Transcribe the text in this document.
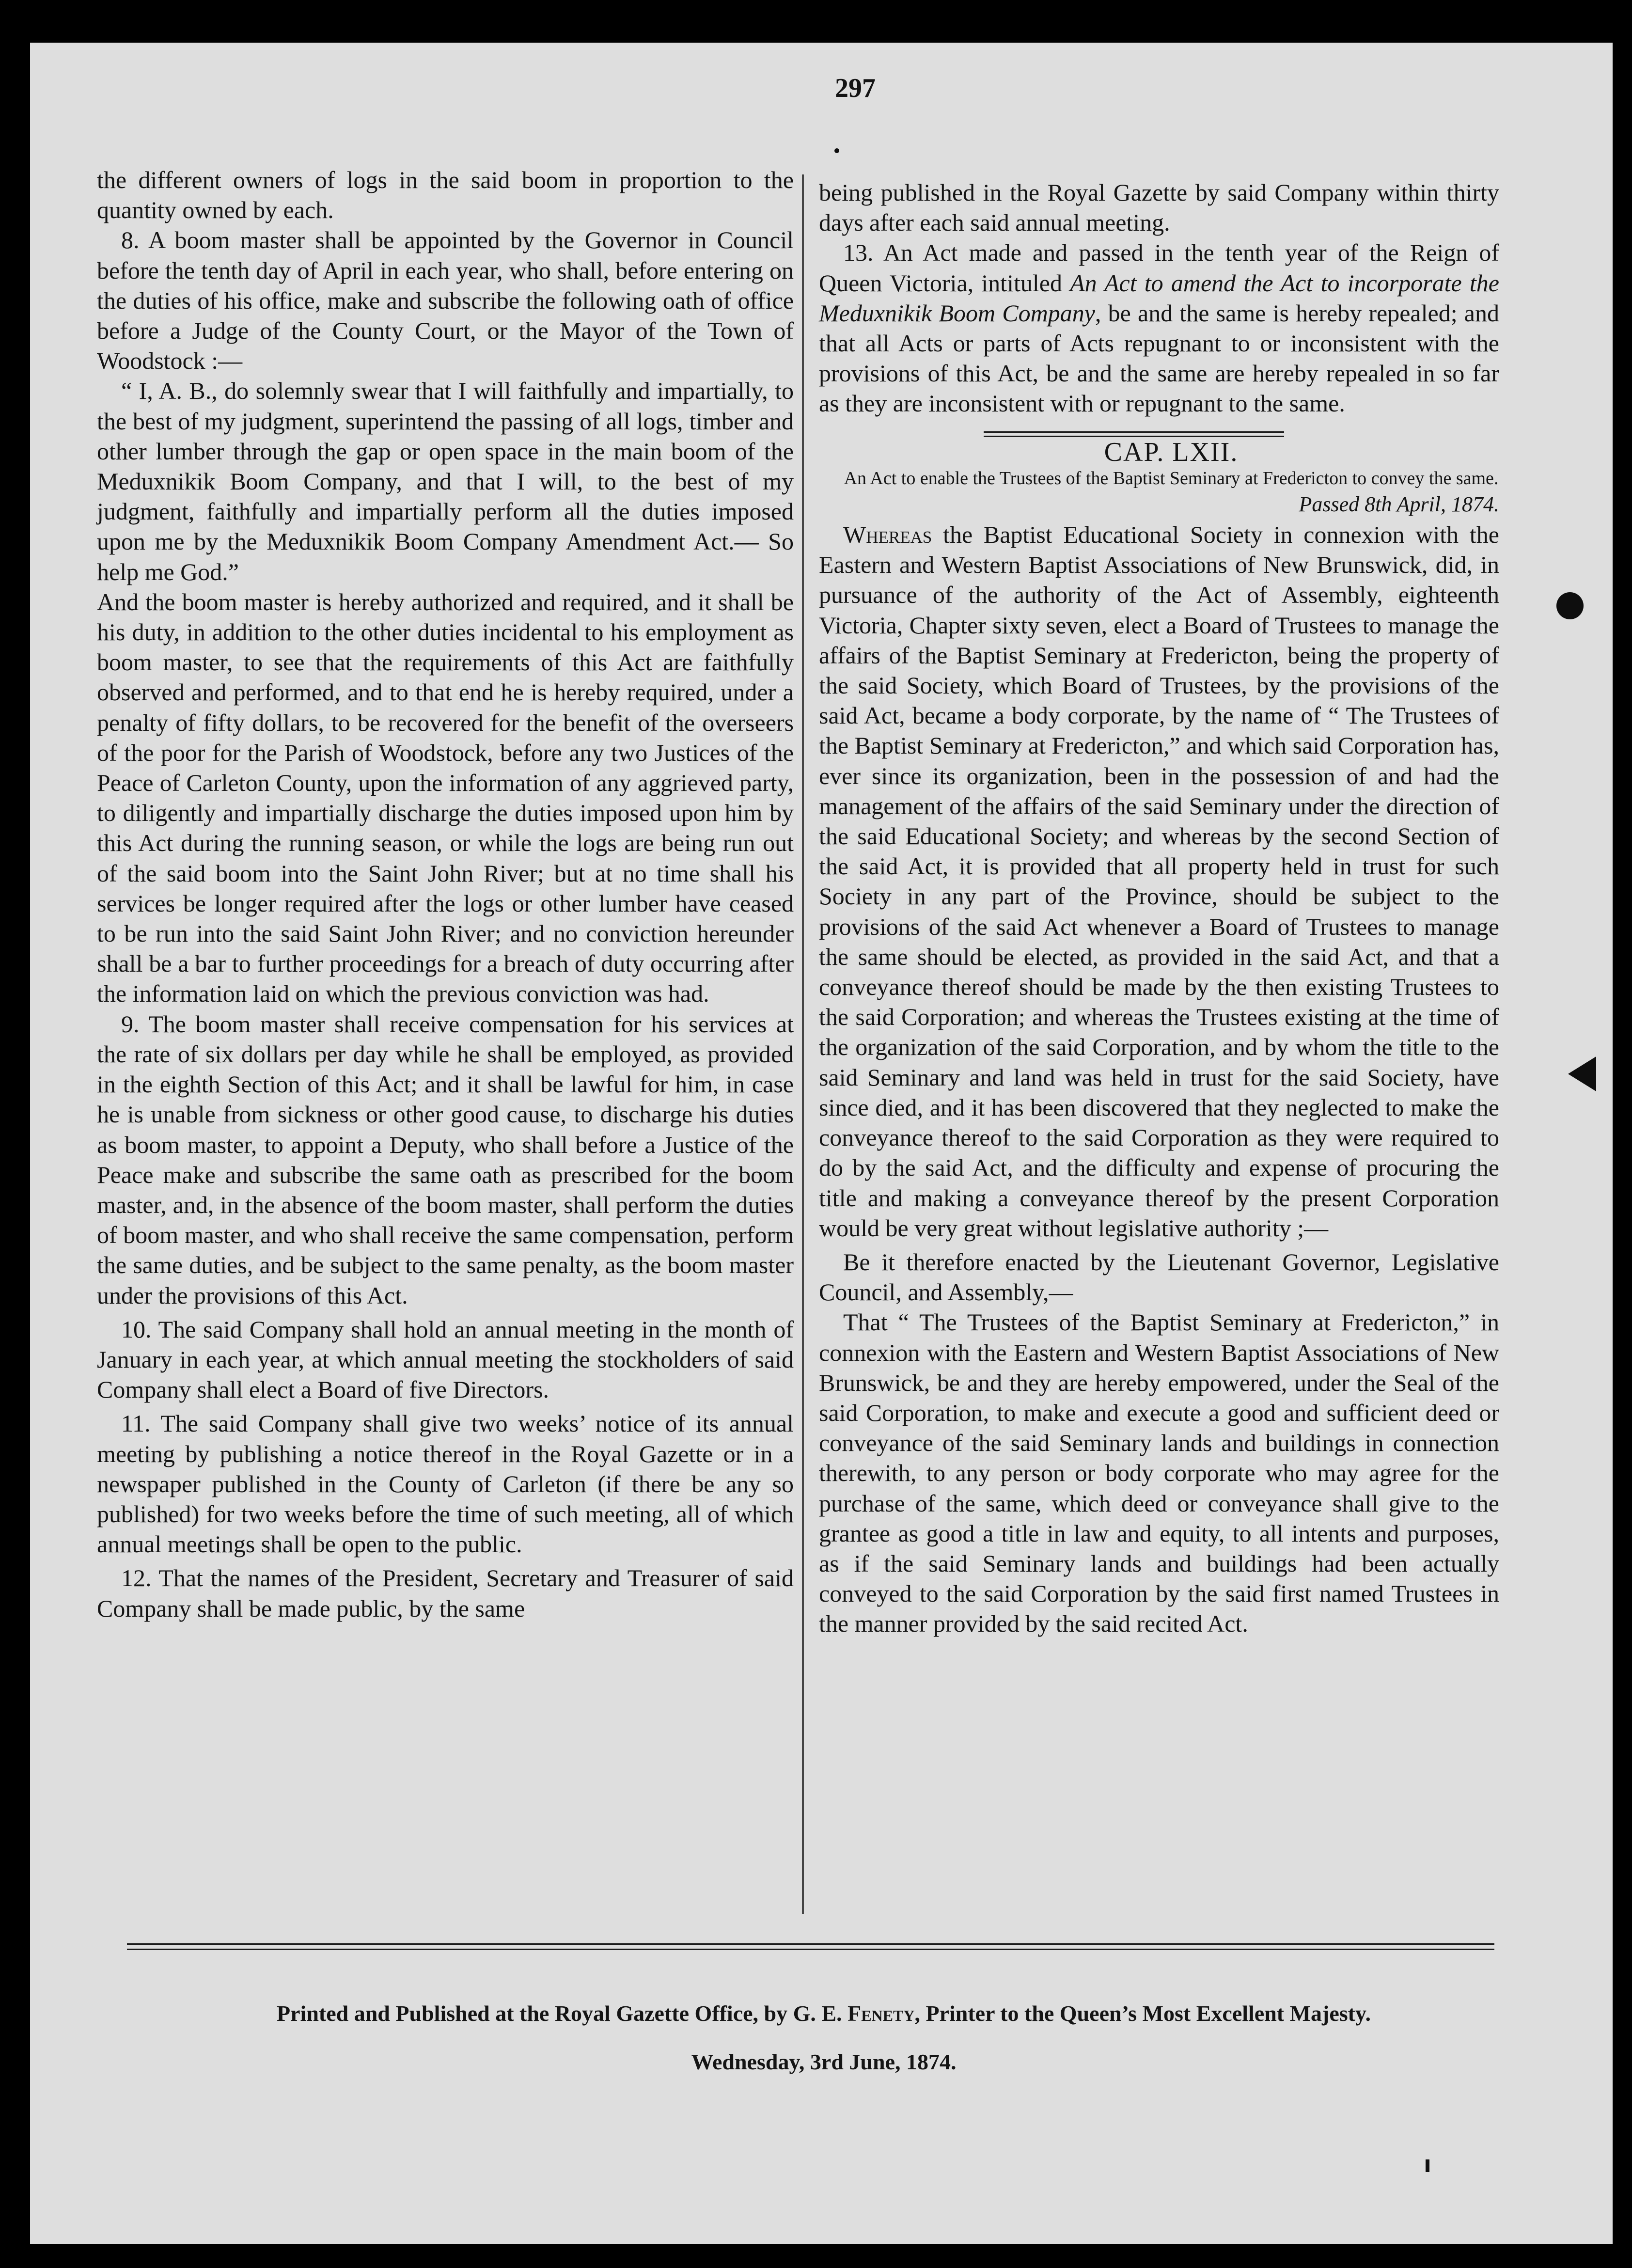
297

the different owners of logs in the said boom in proportion to the quantity owned by each.

8. A boom master shall be appointed by the Governor in Council before the tenth day of April in each year, who shall, before entering on the duties of his office, make and subscribe the following oath of office before a Judge of the County Court, or the Mayor of the Town of Woodstock :—

“ I, A. B., do solemnly swear that I will faithfully and impartially, to the best of my judgment, superintend the passing of all logs, timber and other lumber through the gap or open space in the main boom of the Meduxnikik Boom Company, and that I will, to the best of my judgment, faithfully and impartially perform all the duties imposed upon me by the Meduxnikik Boom Company Amendment Act.— So help me God.”

And the boom master is hereby authorized and required, and it shall be his duty, in addition to the other duties incidental to his employment as boom master, to see that the requirements of this Act are faithfully observed and performed, and to that end he is hereby required, under a penalty of fifty dollars, to be recovered for the benefit of the overseers of the poor for the Parish of Woodstock, before any two Justices of the Peace of Carleton County, upon the information of any aggrieved party, to diligently and impartially discharge the duties imposed upon him by this Act during the running season, or while the logs are being run out of the said boom into the Saint John River; but at no time shall his services be longer required after the logs or other lumber have ceased to be run into the said Saint John River; and no conviction hereunder shall be a bar to further proceedings for a breach of duty occurring after the information laid on which the previous conviction was had.

9. The boom master shall receive compensation for his services at the rate of six dollars per day while he shall be employed, as provided in the eighth Section of this Act; and it shall be lawful for him, in case he is unable from sickness or other good cause, to discharge his duties as boom master, to appoint a Deputy, who shall before a Justice of the Peace make and subscribe the same oath as prescribed for the boom master, and, in the absence of the boom master, shall perform the duties of boom master, and who shall receive the same compensation, perform the same duties, and be subject to the same penalty, as the boom master under the provisions of this Act.

10. The said Company shall hold an annual meeting in the month of January in each year, at which annual meeting the stockholders of said Company shall elect a Board of five Directors.

11. The said Company shall give two weeks’ notice of its annual meeting by publishing a notice thereof in the Royal Gazette or in a newspaper published in the County of Carleton (if there be any so published) for two weeks before the time of such meeting, all of which annual meetings shall be open to the public.

12. That the names of the President, Secretary and Treasurer of said Company shall be made public, by the same

being published in the Royal Gazette by said Company within thirty days after each said annual meeting.

13. An Act made and passed in the tenth year of the Reign of Queen Victoria, intituled An Act to amend the Act to incorporate the Meduxnikik Boom Company, be and the same is hereby repealed; and that all Acts or parts of Acts repugnant to or inconsistent with the provisions of this Act, be and the same are hereby repealed in so far as they are inconsistent with or repugnant to the same.

CAP. LXII.

An Act to enable the Trustees of the Baptist Seminary at Fredericton to convey the same.

Passed 8th April, 1874.

Whereas the Baptist Educational Society in connexion with the Eastern and Western Baptist Associations of New Brunswick, did, in pursuance of the authority of the Act of Assembly, eighteenth Victoria, Chapter sixty seven, elect a Board of Trustees to manage the affairs of the Baptist Seminary at Fredericton, being the property of the said Society, which Board of Trustees, by the provisions of the said Act, became a body corporate, by the name of “ The Trustees of the Baptist Seminary at Fredericton,” and which said Corporation has, ever since its organization, been in the possession of and had the management of the affairs of the said Seminary under the direction of the said Educational Society; and whereas by the second Section of the said Act, it is provided that all property held in trust for such Society in any part of the Province, should be subject to the provisions of the said Act whenever a Board of Trustees to manage the same should be elected, as provided in the said Act, and that a conveyance thereof should be made by the then existing Trustees to the said Corporation; and whereas the Trustees existing at the time of the organization of the said Corporation, and by whom the title to the said Seminary and land was held in trust for the said Society, have since died, and it has been discovered that they neglected to make the conveyance thereof to the said Corporation as they were required to do by the said Act, and the difficulty and expense of procuring the title and making a conveyance thereof by the present Corporation would be very great without legislative authority ;—

Be it therefore enacted by the Lieutenant Governor, Legislative Council, and Assembly,—

That “ The Trustees of the Baptist Seminary at Fredericton,” in connexion with the Eastern and Western Baptist Associations of New Brunswick, be and they are hereby empowered, under the Seal of the said Corporation, to make and execute a good and sufficient deed or conveyance of the said Seminary lands and buildings in connection therewith, to any person or body corporate who may agree for the purchase of the same, which deed or conveyance shall give to the grantee as good a title in law and equity, to all intents and purposes, as if the said Seminary lands and buildings had been actually conveyed to the said Corporation by the said first named Trustees in the manner provided by the said recited Act.

Printed and Published at the Royal Gazette Office, by G. E. Fenety, Printer to the Queen’s Most Excellent Majesty.
Wednesday, 3rd June, 1874.
